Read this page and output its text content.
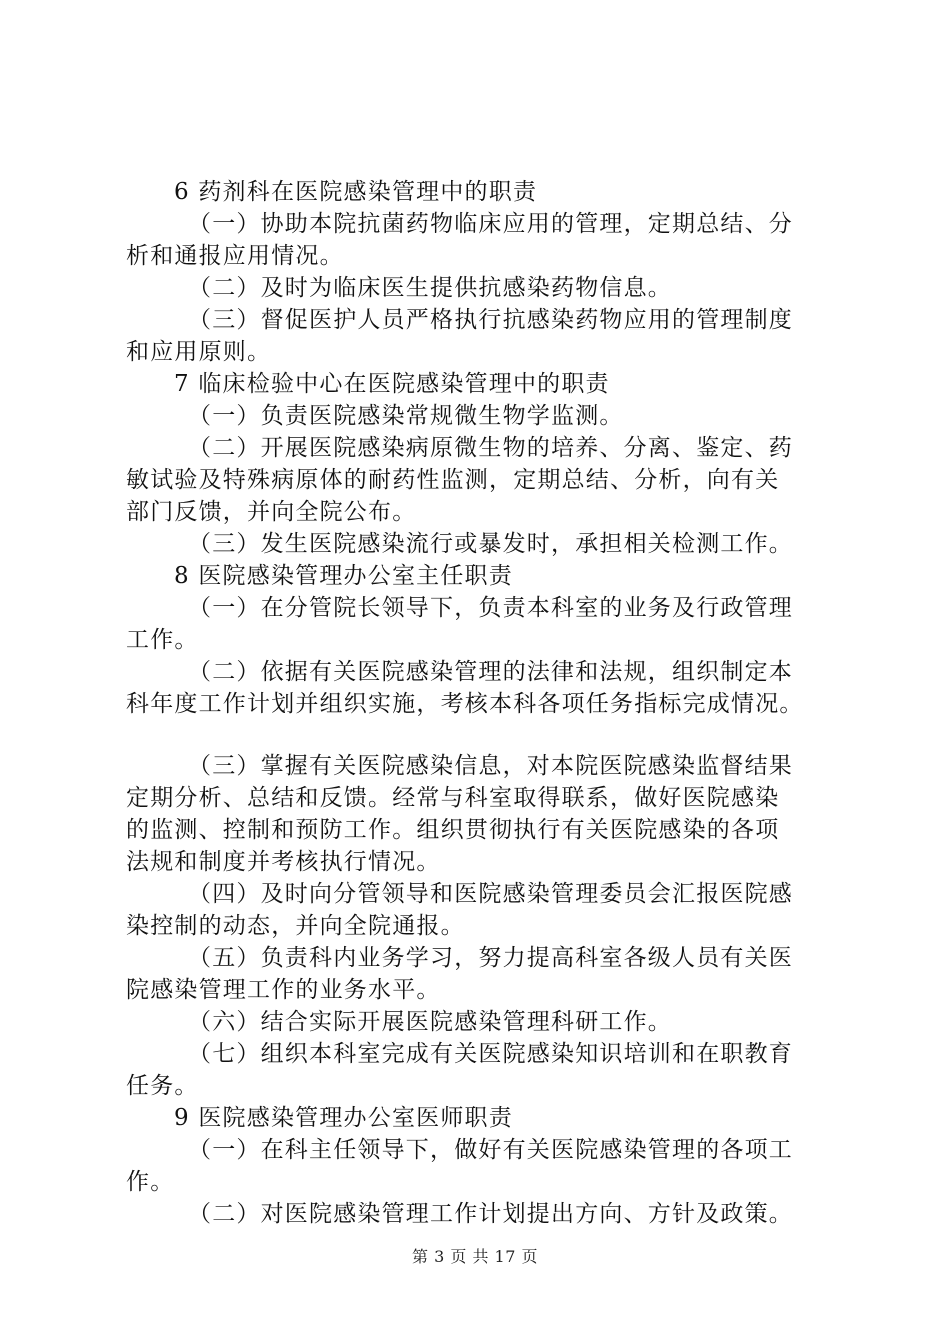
6 药剂科在医院感染管理中的职责
（一）协助本院抗菌药物临床应用的管理，定期总结、分
析和通报应用情况。
（二）及时为临床医生提供抗感染药物信息。
（三）督促医护人员严格执行抗感染药物应用的管理制度
和应用原则。
7 临床检验中心在医院感染管理中的职责
（一）负责医院感染常规微生物学监测。
（二）开展医院感染病原微生物的培养、分离、鉴定、药
敏试验及特殊病原体的耐药性监测，定期总结、分析，向有关
部门反馈，并向全院公布。
（三）发生医院感染流行或暴发时，承担相关检测工作。
8 医院感染管理办公室主任职责
（一）在分管院长领导下，负责本科室的业务及行政管理
工作。
（二）依据有关医院感染管理的法律和法规，组织制定本
科年度工作计划并组织实施，考核本科各项任务指标完成情况。
（三）掌握有关医院感染信息，对本院医院感染监督结果
定期分析、总结和反馈。经常与科室取得联系，做好医院感染
的监测、控制和预防工作。组织贯彻执行有关医院感染的各项
法规和制度并考核执行情况。
（四）及时向分管领导和医院感染管理委员会汇报医院感
染控制的动态，并向全院通报。
（五）负责科内业务学习，努力提高科室各级人员有关医
院感染管理工作的业务水平。
（六）结合实际开展医院感染管理科研工作。
（七）组织本科室完成有关医院感染知识培训和在职教育
任务。
9 医院感染管理办公室医师职责
（一）在科主任领导下，做好有关医院感染管理的各项工
作。
（二）对医院感染管理工作计划提出方向、方针及政策。
第 3 页 共 17 页
